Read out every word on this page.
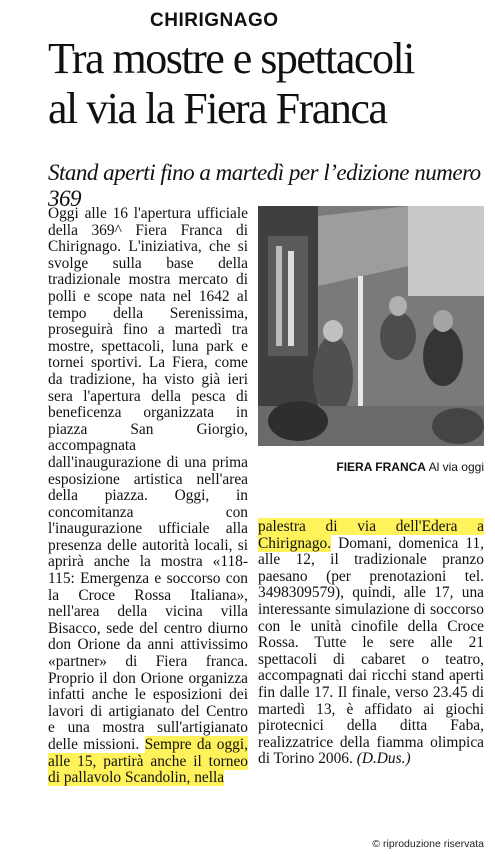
CHIRIGNAGO
Tra mostre e spettacoli
al via la Fiera Franca
Stand aperti fino a martedì per l’edizione numero 369
Oggi alle 16 l'apertura ufficiale della 369^ Fiera Franca di Chirignago. L'iniziativa, che si svolge sulla base della tradizionale mostra mercato di polli e scope nata nel 1642 al tempo della Serenissima, proseguirà fino a martedì tra mostre, spettacoli, luna park e tornei sportivi. La Fiera, come da tradizione, ha visto già ieri sera l'apertura della pesca di beneficenza organizzata in piazza San Giorgio, accompagnata dall'inaugurazione di una prima esposizione artistica nell'area della piazza. Oggi, in concomitanza con l'inaugurazione ufficiale alla presenza delle autorità locali, si aprirà anche la mostra «118-115: Emergenza e soccorso con la Croce Rossa Italiana», nell'area della vicina villa Bisacco, sede del centro diurno don Orione da anni attivissimo «partner» di Fiera franca. Proprio il don Orione organizza infatti anche le esposizioni dei lavori di artigianato del Centro e una mostra sull'artigianato delle missioni. Sempre da oggi, alle 15, partirà anche il torneo di pallavolo Scandolin, nella
FIERA FRANCA Al via oggi
palestra di via dell'Edera a Chirignago. Domani, domenica 11, alle 12, il tradizionale pranzo paesano (per prenotazioni tel. 3498309579), quindi, alle 17, una interessante simulazione di soccorso con le unità cinofile della Croce Rossa. Tutte le sere alle 21 spettacoli di cabaret o teatro, accompagnati dai ricchi stand aperti fin dalle 17. Il finale, verso 23.45 di martedì 13, è affidato ai giochi pirotecnici della ditta Faba, realizzatrice della fiamma olimpica di Torino 2006. (D.Dus.)
© riproduzione riservata
